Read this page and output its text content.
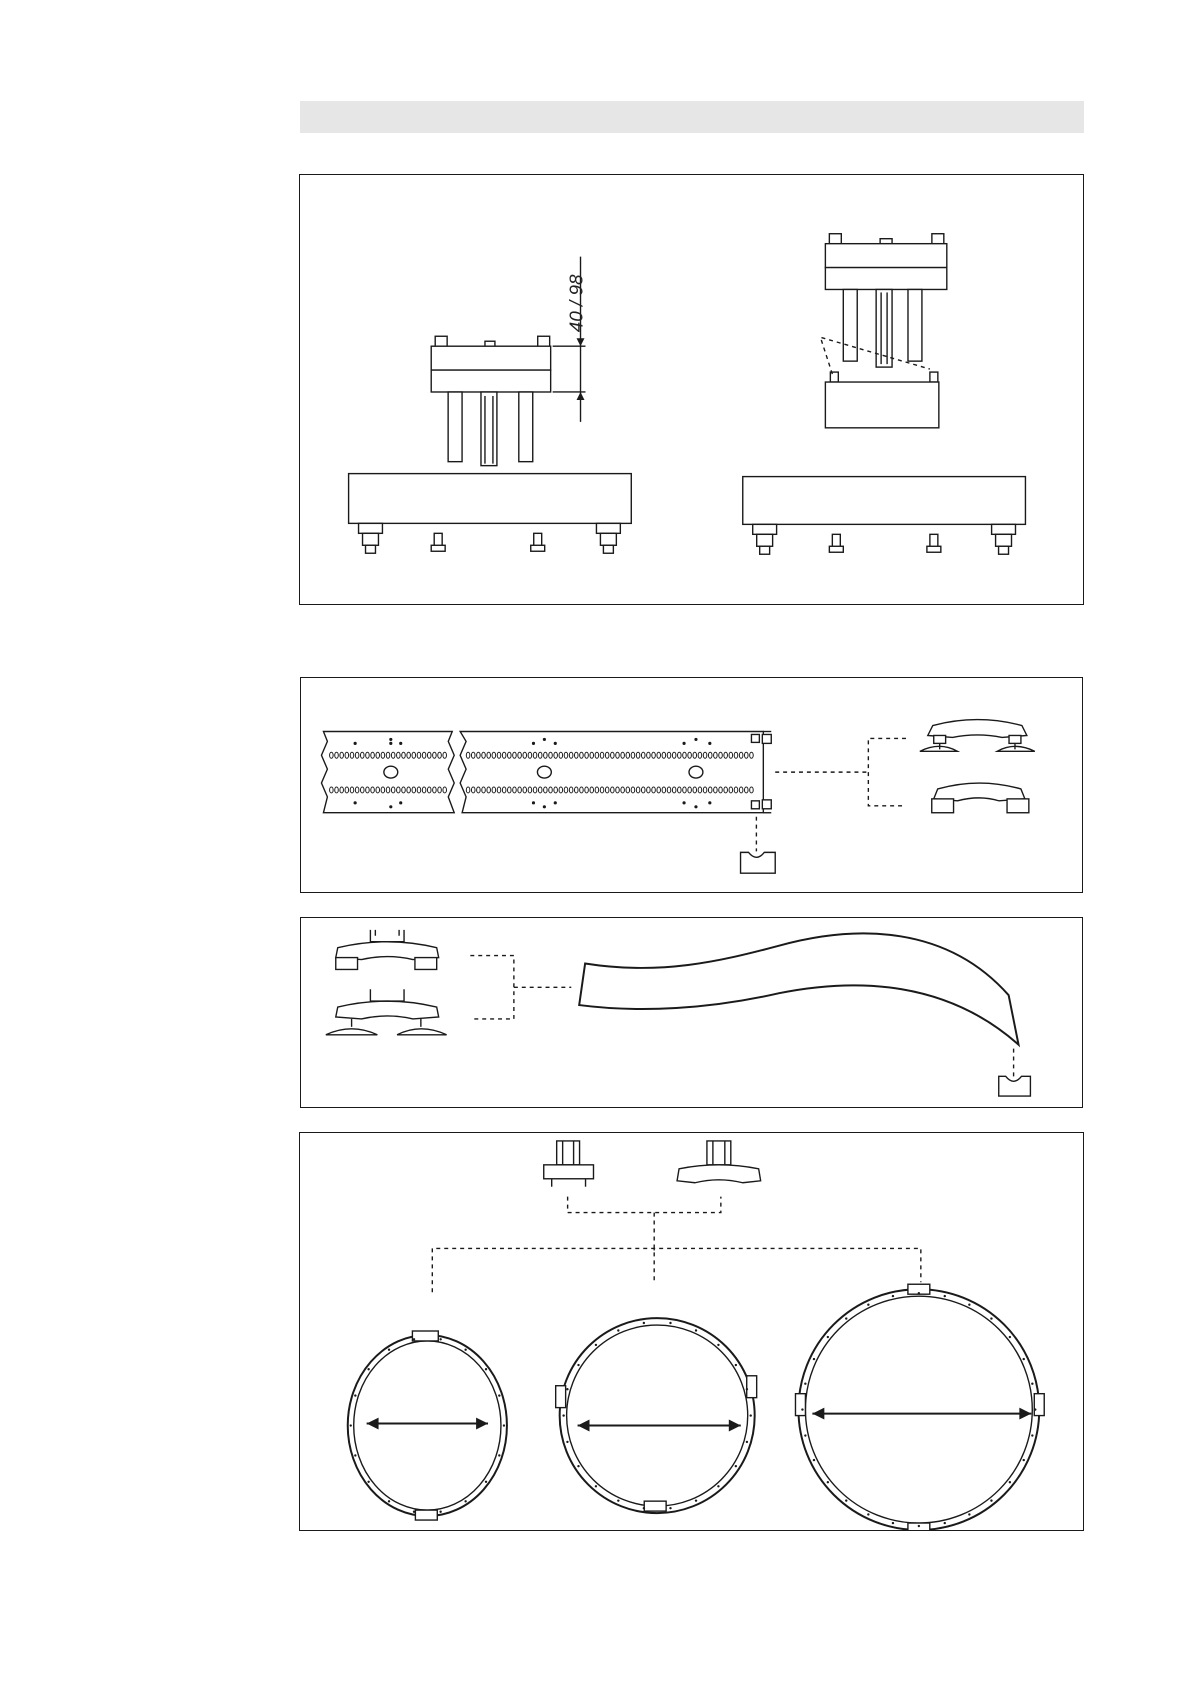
40 / 98
